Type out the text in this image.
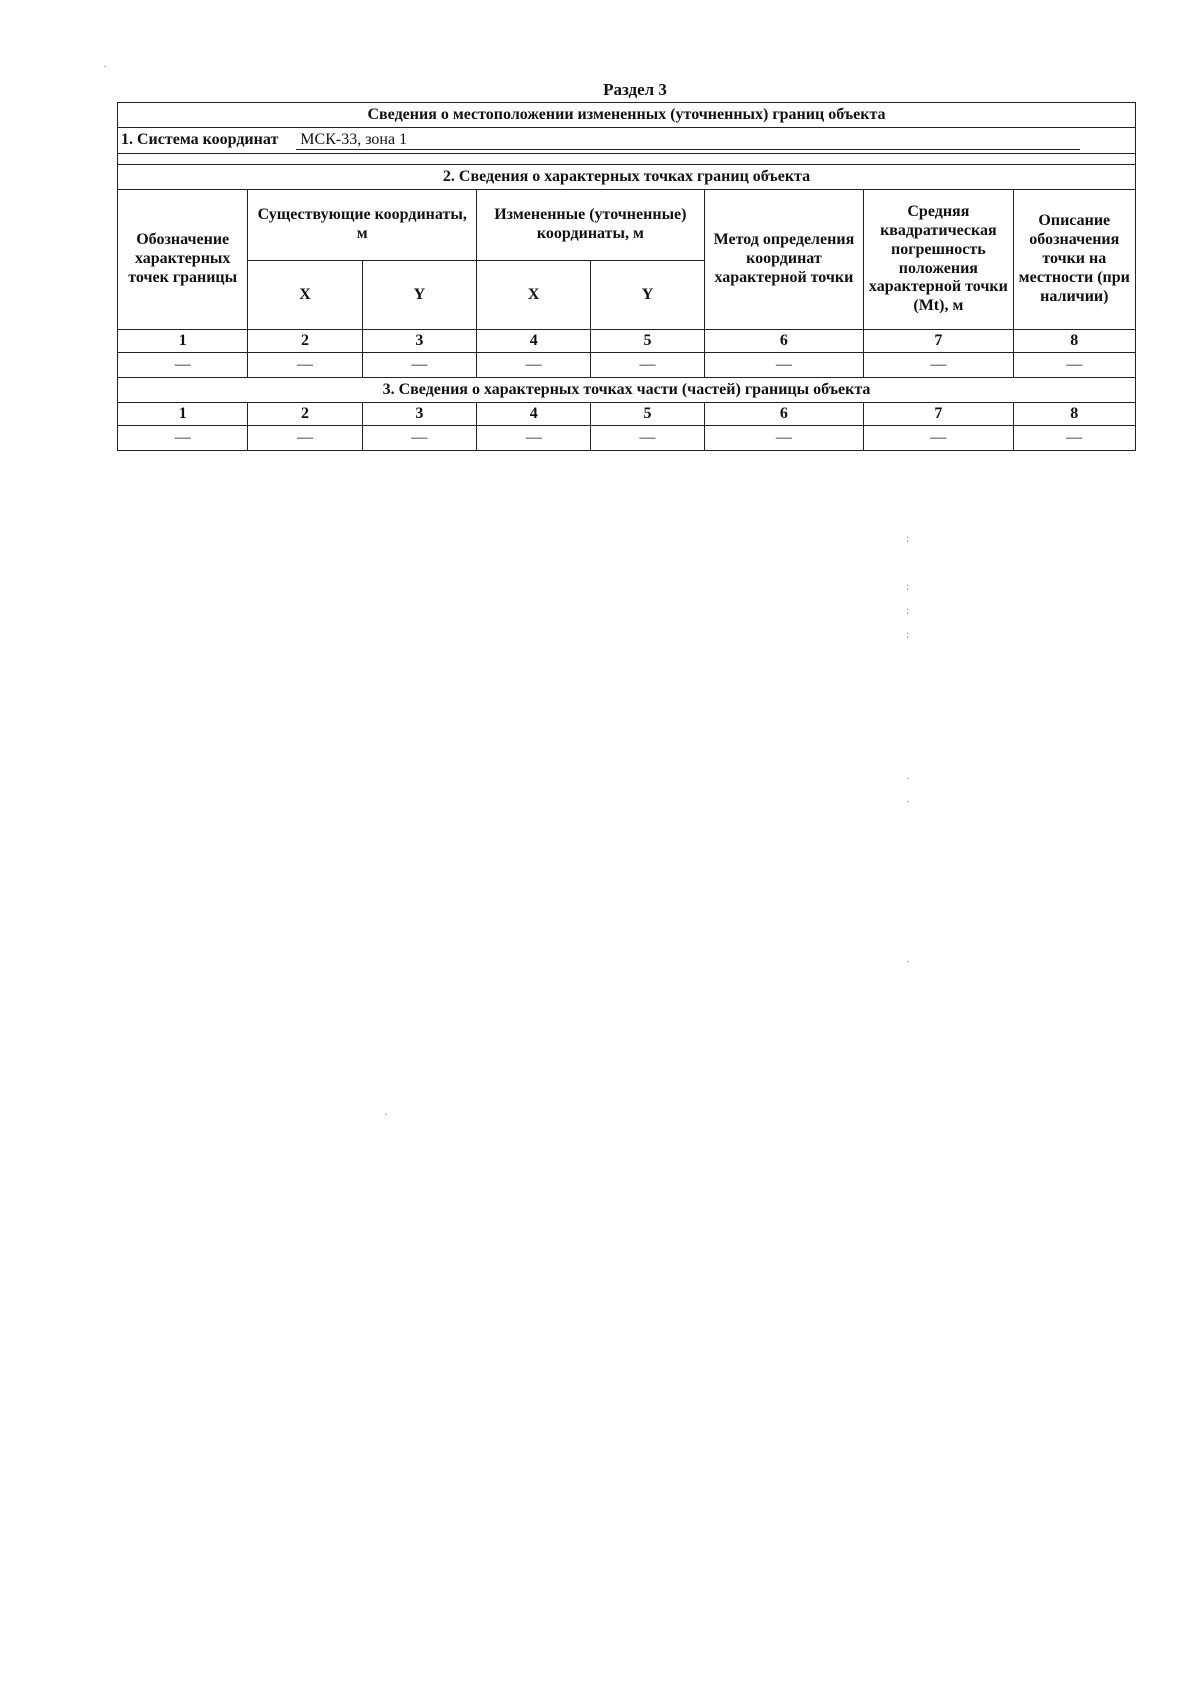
Раздел 3
Сведения о местоположении измененных (уточненных) границ объекта							
1. Система координат МСК-33, зона 1							

2. Сведения о характерных точках границ объекта							
Обозначение характерных точек границы	Существующие координаты, м		Измененные (уточненные) координаты, м		Метод определения координат характерной точки	Средняя квадратическая погрешность положения характерной точки (Mt), м	Описание обозначения точки на местности (при наличии)
	X	Y	X	Y			
1	2	3	4	5	6	7	8
—	—	—	—	—	—	—	—
3. Сведения о характерных точках части (частей) границы объекта							
1	2	3	4	5	6	7	8
—	—	—	—	—	—	—	—
·
:
:
:
:
·
·
·
·
